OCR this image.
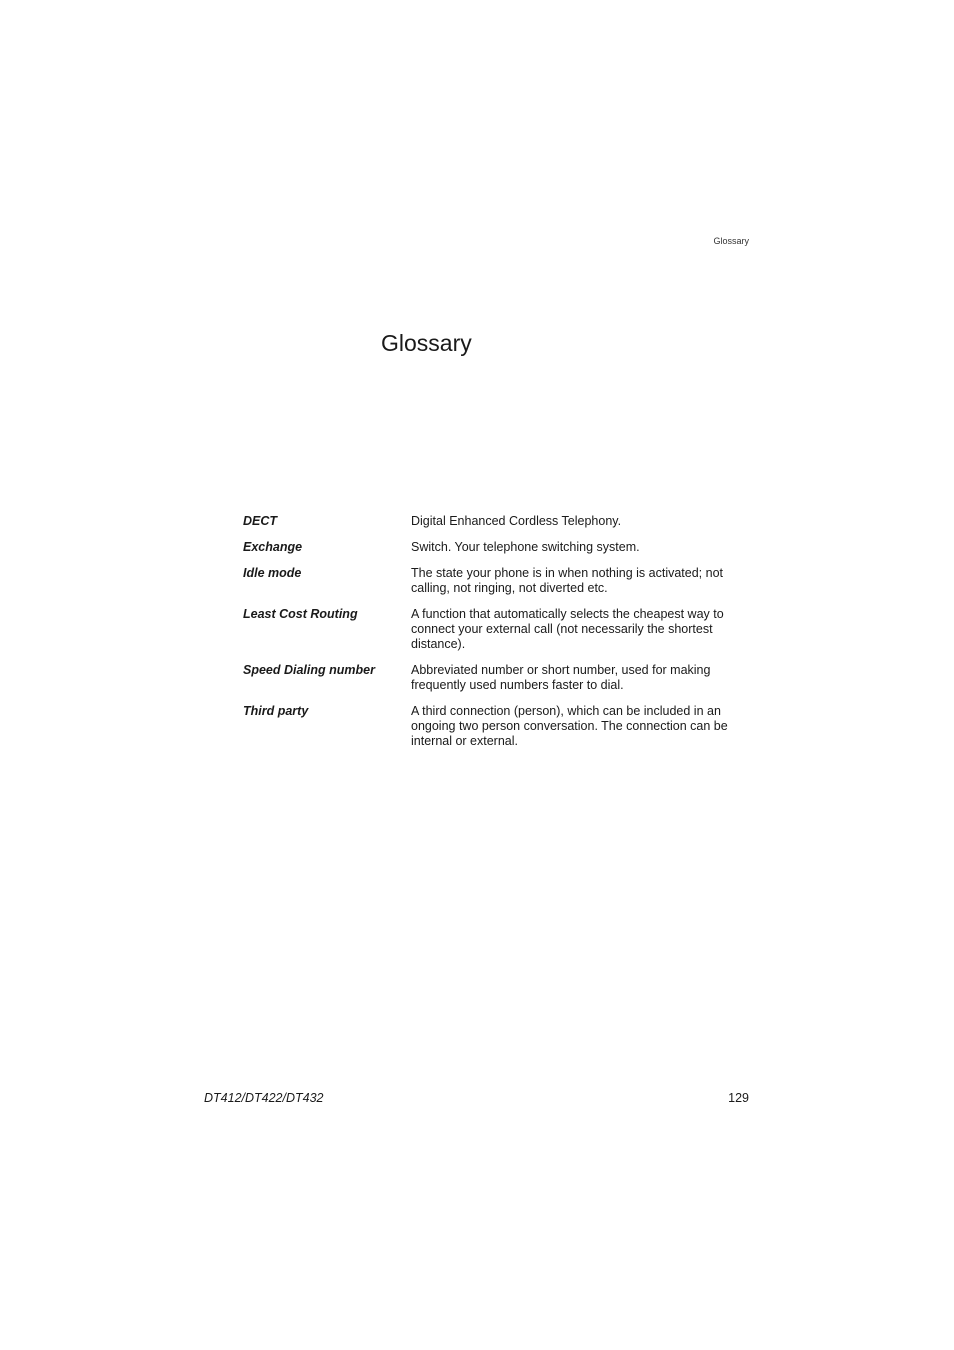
Glossary
Glossary
DECT	Digital Enhanced Cordless Telephony.
Exchange	Switch. Your telephone switching system.
Idle mode	The state your phone is in when nothing is activated; not calling, not ringing, not diverted etc.
Least Cost Routing	A function that automatically selects the cheapest way to connect your external call (not necessarily the shortest distance).
Speed Dialing number	Abbreviated number or short number, used for making frequently used numbers faster to dial.
Third party	A third connection (person), which can be included in an ongoing two person conversation. The connection can be internal or external.
DT412/DT422/DT432	129
